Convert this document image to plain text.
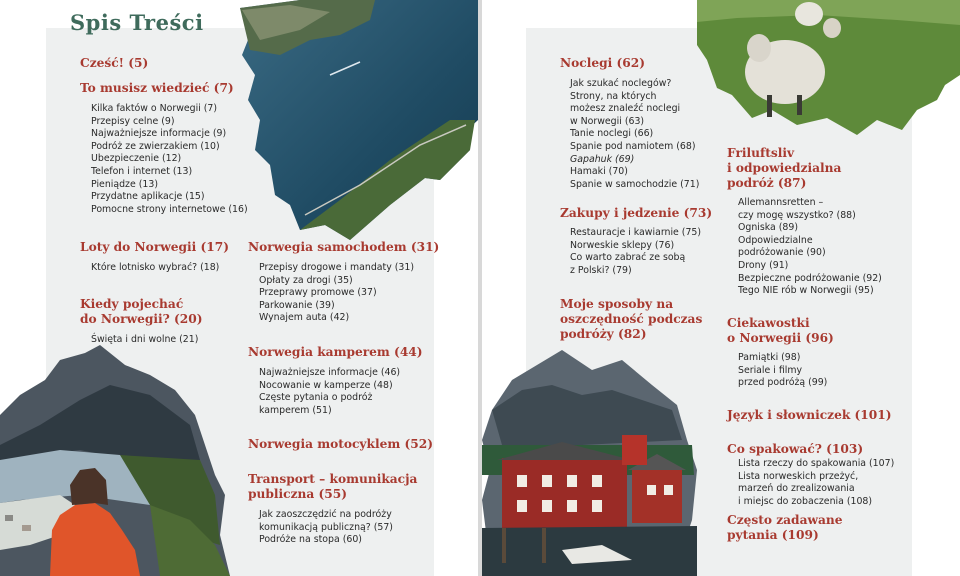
Spis Treści
Cześć! (5)
To musisz wiedzieć (7)
Kilka faktów o Norwegii (7)
Przepisy celne (9)
Najważniejsze informacje (9)
Podróż ze zwierzakiem (10)
Ubezpieczenie (12)
Telefon i internet (13)
Pieniądze (13)
Przydatne aplikacje (15)
Pomocne strony internetowe (16)
Loty do Norwegii (17)
Które lotnisko wybrać? (18)
Kiedy pojechać
do Norwegii? (20)
Święta i dni wolne (21)
Norwegia samochodem (31)
Przepisy drogowe i mandaty (31)
Opłaty za drogi (35)
Przeprawy promowe (37)
Parkowanie (39)
Wynajem auta (42)
Norwegia kamperem (44)
Najważniejsze informacje (46)
Nocowanie w kamperze (48)
Częste pytania o podróż
kamperem (51)
Norwegia motocyklem (52)
Transport – komunikacja
publiczna (55)
Jak zaoszczędzić na podróży
komunikacją publiczną? (57)
Podróże na stopa (60)
Noclegi (62)
Jak szukać noclegów?
Strony, na których
możesz znaleźć noclegi
w Norwegii (63)
Tanie noclegi (66)
Spanie pod namiotem (68)
Gapahuk (69)
Hamaki (70)
Spanie w samochodzie (71)
Zakupy i jedzenie (73)
Restauracje i kawiarnie (75)
Norweskie sklepy (76)
Co warto zabrać ze sobą
z Polski? (79)
Moje sposoby na
oszczędność podczas
podróży (82)
Friluftsliv
i odpowiedzialna
podróż (87)
Allemannsretten –
czy mogę wszystko? (88)
Ogniska (89)
Odpowiedzialne
podróżowanie (90)
Drony (91)
Bezpieczne podróżowanie (92)
Tego NIE rób w Norwegii (95)
Ciekawostki
o Norwegii (96)
Pamiątki (98)
Seriale i filmy
przed podróżą (99)
Język i słowniczek (101)
Co spakować? (103)
Lista rzeczy do spakowania (107)
Lista norweskich przeżyć,
marzeń do zrealizowania
i miejsc do zobaczenia (108)
Często zadawane
pytania (109)
